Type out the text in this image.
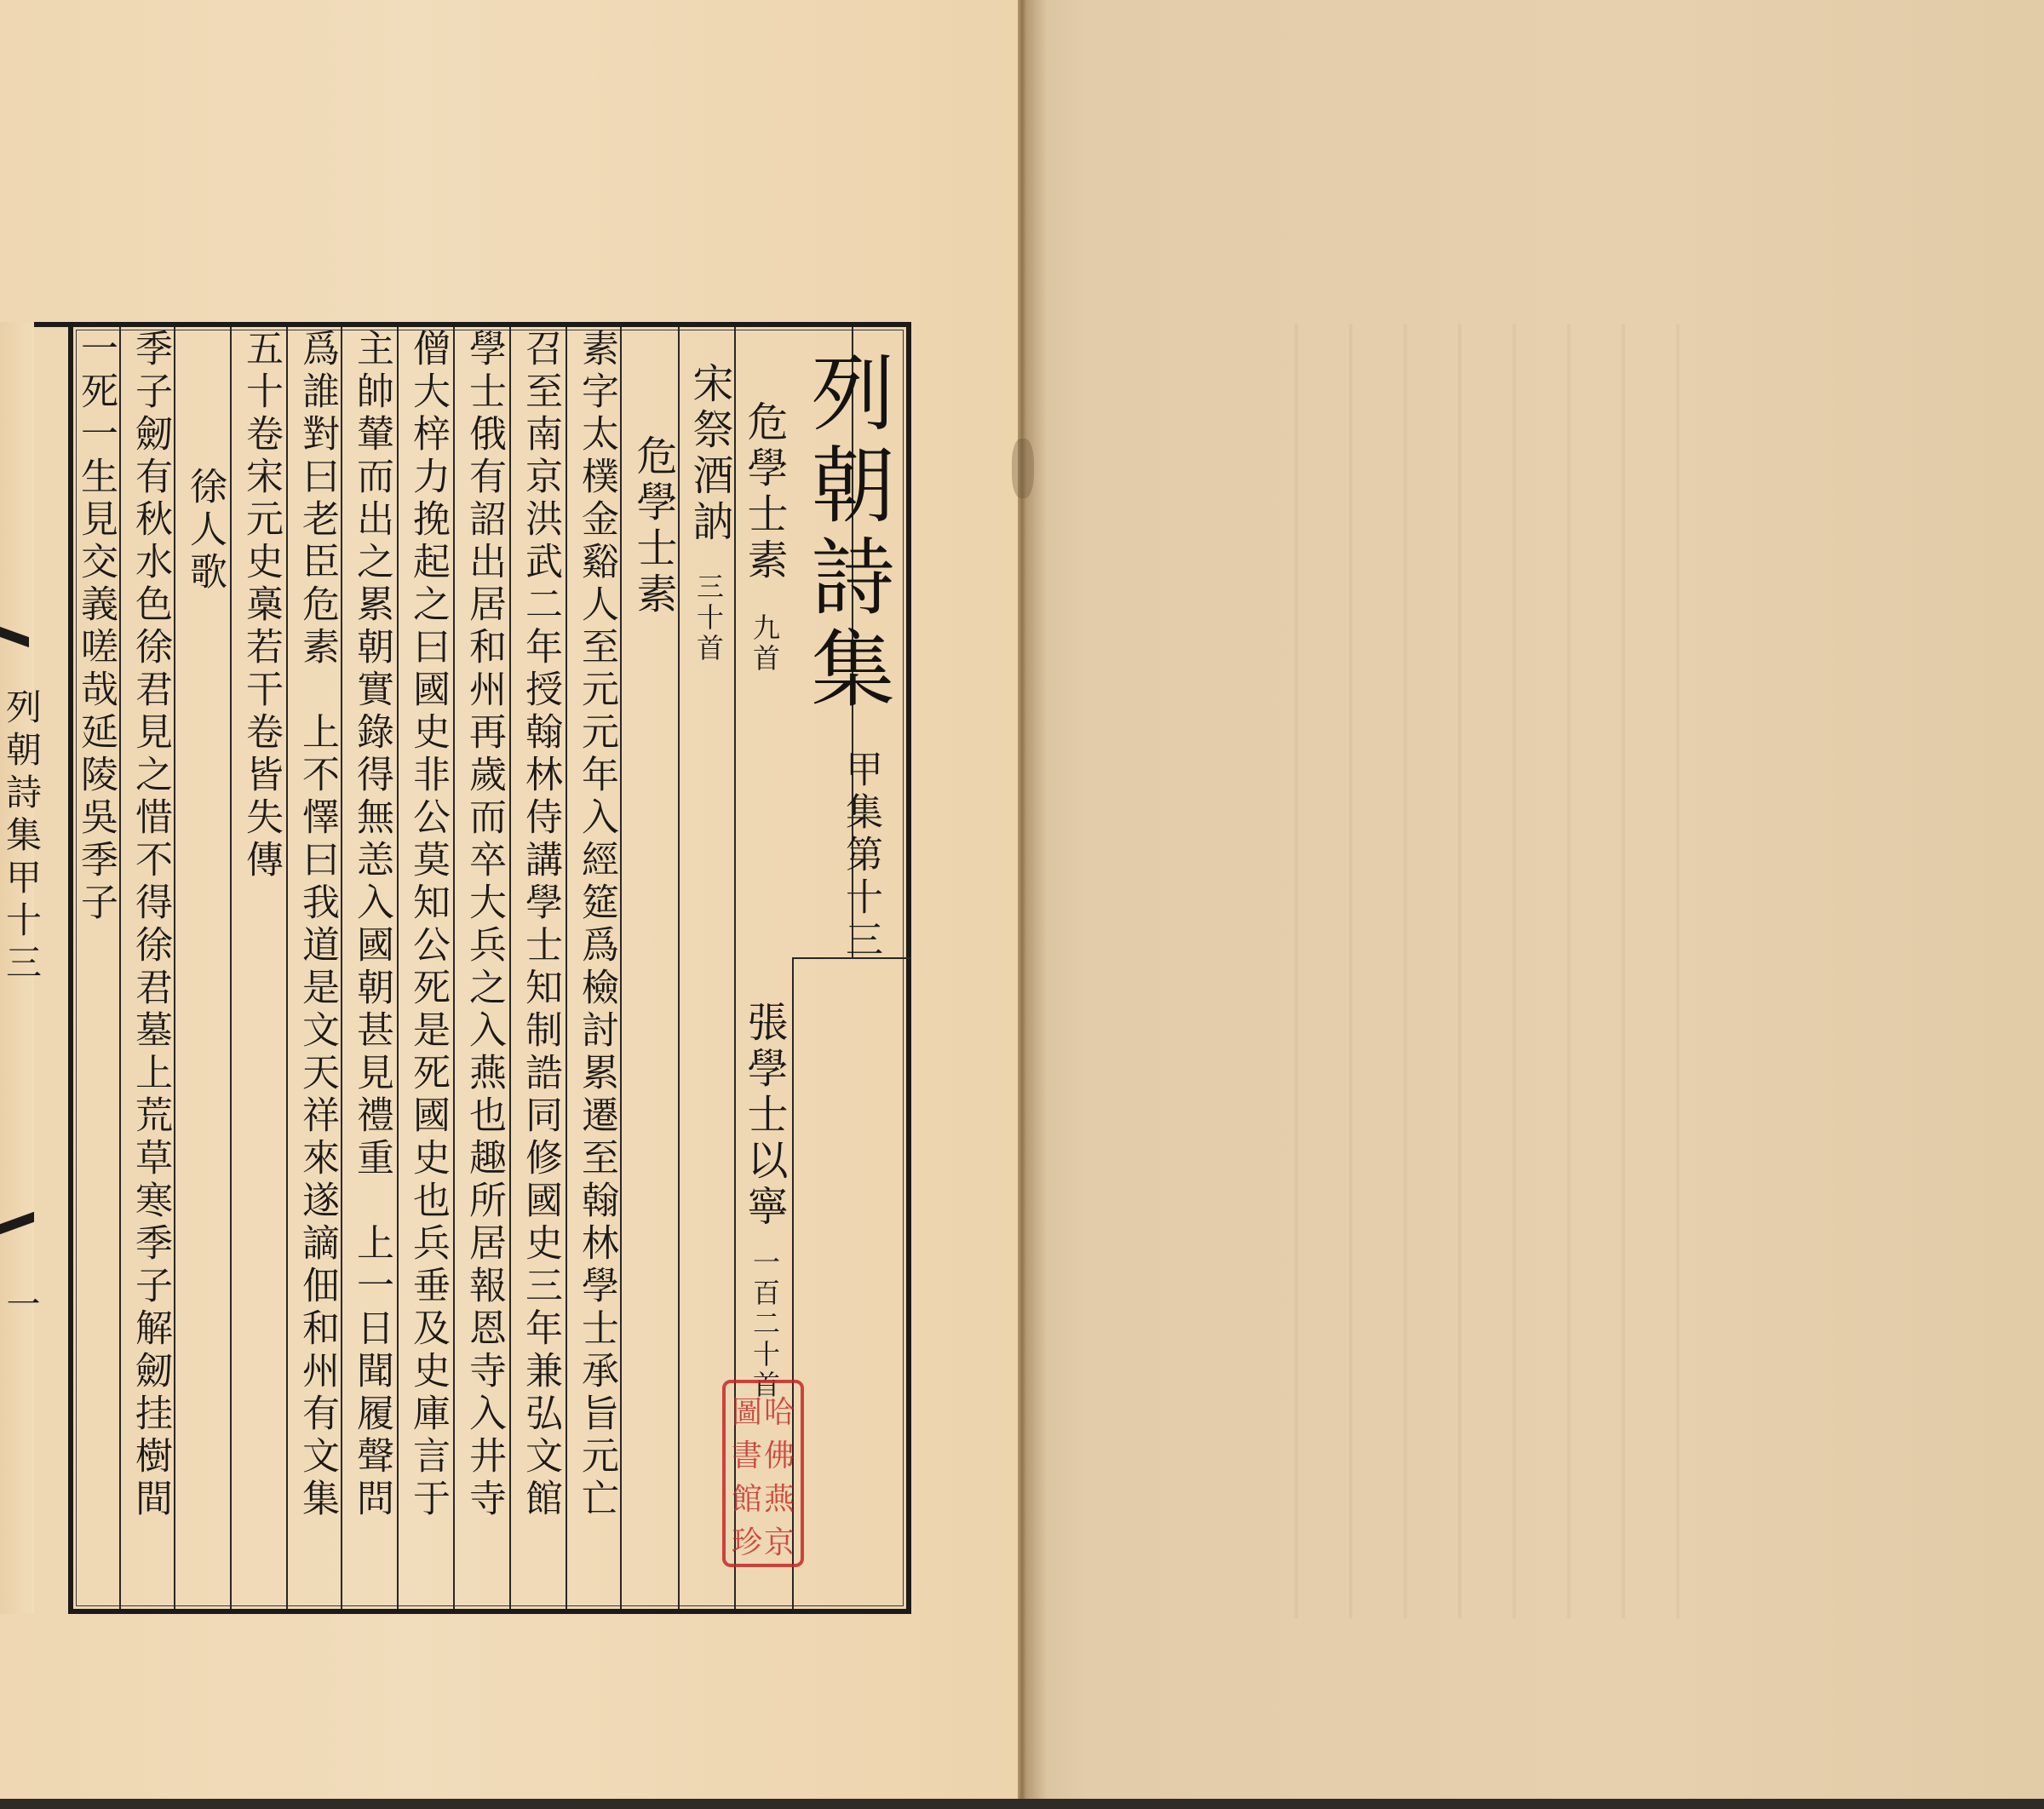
列朝詩集甲十三
一
列朝詩集
甲集第十三
危學士素
九首
宋祭酒訥
三十首
危學士素
素字太樸金谿人至元元年入經筵爲檢討累遷至翰林學士承旨元亡
召至南京洪武二年授翰林侍講學士知制誥同修國史三年兼弘文館
學士俄有詔出居和州再歲而卒大兵之入燕也趣所居報恩寺入井寺
僧大梓力挽起之曰國史非公莫知公死是死國史也兵垂及史庫言于
主帥輦而出之累朝實錄得無恙入國朝甚見禮重　上一日聞履聲問
爲誰對曰老臣危素　上不懌曰我道是文天祥來遂謫佃和州有文集
五十卷宋元史槀若干卷皆失傳
徐人歌
季子劒有秋水色徐君見之惜不得徐君墓上荒草寒季子解劒挂樹間
一死一生見交義嗟哉延陵吳季子
張學士以寧
一百二十首
圖 哈
書 佛
館 燕
珍 京
